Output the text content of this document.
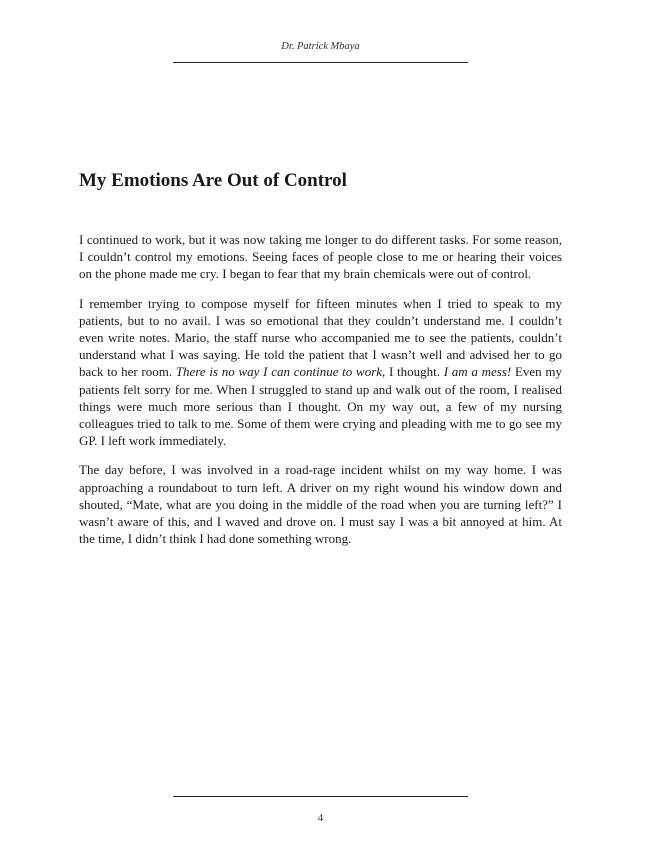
Dr. Patrick Mbaya
My Emotions Are Out of Control

I continued to work, but it was now taking me longer to do different tasks. For some reason, I couldn’t control my emotions. Seeing faces of people close to me or hearing their voices on the phone made me cry. I began to fear that my brain chemicals were out of control.

I remember trying to compose myself for fifteen minutes when I tried to speak to my patients, but to no avail. I was so emotional that they couldn’t understand me. I couldn’t even write notes. Mario, the staff nurse who accompanied me to see the patients, couldn’t understand what I was saying. He told the patient that I wasn’t well and advised her to go back to her room. There is no way I can continue to work, I thought. I am a mess! Even my patients felt sorry for me. When I struggled to stand up and walk out of the room, I realised things were much more serious than I thought. On my way out, a few of my nursing colleagues tried to talk to me. Some of them were crying and pleading with me to go see my GP. I left work immediately.

The day before, I was involved in a road-rage incident whilst on my way home. I was approaching a roundabout to turn left. A driver on my right wound his window down and shouted, “Mate, what are you doing in the middle of the road when you are turning left?” I wasn’t aware of this, and I waved and drove on. I must say I was a bit annoyed at him. At the time, I didn’t think I had done something wrong.

4
